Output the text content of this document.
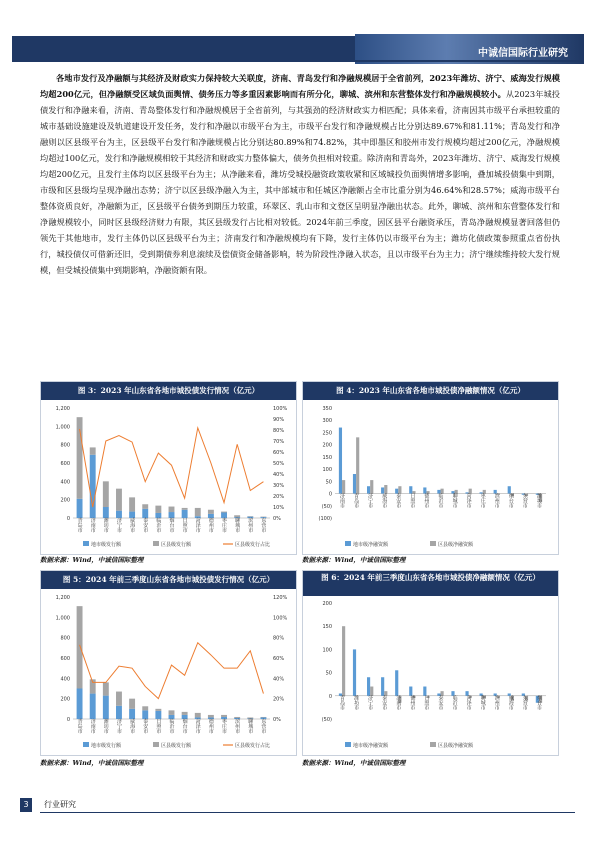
中诚信国际行业研究

各地市发行及净融额与其经济及财政实力保持较大关联度，济南、青岛发行和净融规模居于全省前列，2023年潍坊、济宁、威海发行规模均超200亿元，但净融额受区域负面舆情、债务压力等多重因素影响而有所分化，聊城、滨州和东营整体发行和净融规模较小。从2023年城投债发行和净融来看，济南、青岛整体发行和净融规模居于全省前列，与其强劲的经济财政实力相匹配；具体来看，济南因其市级平台承担较重的城市基础设施建设及轨道建设开发任务，发行和净融以市级平台为主，市级平台发行和净融规模占比分别达89.67%和81.11%；青岛发行和净融则以区县级平台为主，区县级平台发行和净融规模占比分别达80.89%和74.82%，其中即墨区和胶州市发行规模均超过200亿元，净融规模均超过100亿元，发行和净融规模相较于其经济和财政实力整体偏大，债务负担相对较重。除济南和青岛外，2023年潍坊、济宁、威海发行规模均超200亿元，且发行主体均以区县级平台为主；从净融来看，潍坊受城投融资政策收紧和区域城投负面舆情增多影响，叠加城投债集中到期，市级和区县级均呈现净融出态势；济宁以区县级净融入为主，其中部城市和任城区净融额占全市比重分别为46.64%和28.57%；威海市级平台整体资质良好，净融额为正，区县级平台债务到期压力较重，环翠区、乳山市和文登区呈明显净融出状态。此外，聊城、滨州和东营整体发行和净融规模较小，同时区县级经济财力有限，其区县级发行占比相对较低。2024年前三季度，因区县平台融资承压，青岛净融规模显著回落但仍领先于其他地市，发行主体仍以区县级平台为主；济南发行和净融规模均有下降，发行主体仍以市级平台为主；潍坊化债政策参照重点省份执行，城投债仅可借新还旧，受到期债券利息滚续及偿债资金储备影响，转为阶段性净融入状态，且以市级平台为主力；济宁继续维持较大发行规模，但受城投债集中到期影响，净融资额有限。

图 3：2023 年山东省各地市城投债发行情况（亿元）
0
200
400
600
800
1,000
1,200
0%
10%
20%
30%
40%
50%
60%
70%
80%
90%
100%
青岛市 济南市 潍坊市 济宁市 威海市 泰安市 临沂市 烟台市 日照市 菏泽市 德州市 枣庄市 聊城市 滨州市 东营市
地市级发行额	区县级发行额	区县级发行占比
数据来源：Wind，中诚信国际整理
图 4：2023 年山东省各地市城投债净融额情况（亿元）
(100)
(50)
0
50
100
150
200
250
300
350
济南市 青岛市 济宁市 威海市 泰安市 日照市 德州市 临沂市 聊城市 菏泽市 枣庄市 滨州市 烟台市 东营市 潍坊市
地市级净融资额	区县级净融资额
数据来源：Wind，中诚信国际整理
图 5：2024 年前三季度山东省各地市城投债发行情况（亿元）
0
200
400
600
800
1,000
1,200
0%
20%
40%
60%
80%
100%
120%
青岛市 济南市 潍坊市 济宁市 威海市 泰安市 日照市 临沂市 烟台市 菏泽市 德州市 枣庄市 滨州市 聊城市 东营市
地市级发行额	区县级发行额	区县级发行占比
数据来源：Wind，中诚信国际整理
图 6：2024 年前三季度山东省各地市城投债净融额情况（亿元）
(50)
0
50
100
150
200
青岛市 潍坊市 济宁市 泰安市 济南市 德州市 日照市 泰安市 临沂市 菏泽市 聊城市 滨州市 威海市 东营市 烟台市
地市级净融资额	区县级净融资额
数据来源：Wind，中诚信国际整理
3	行业研究
